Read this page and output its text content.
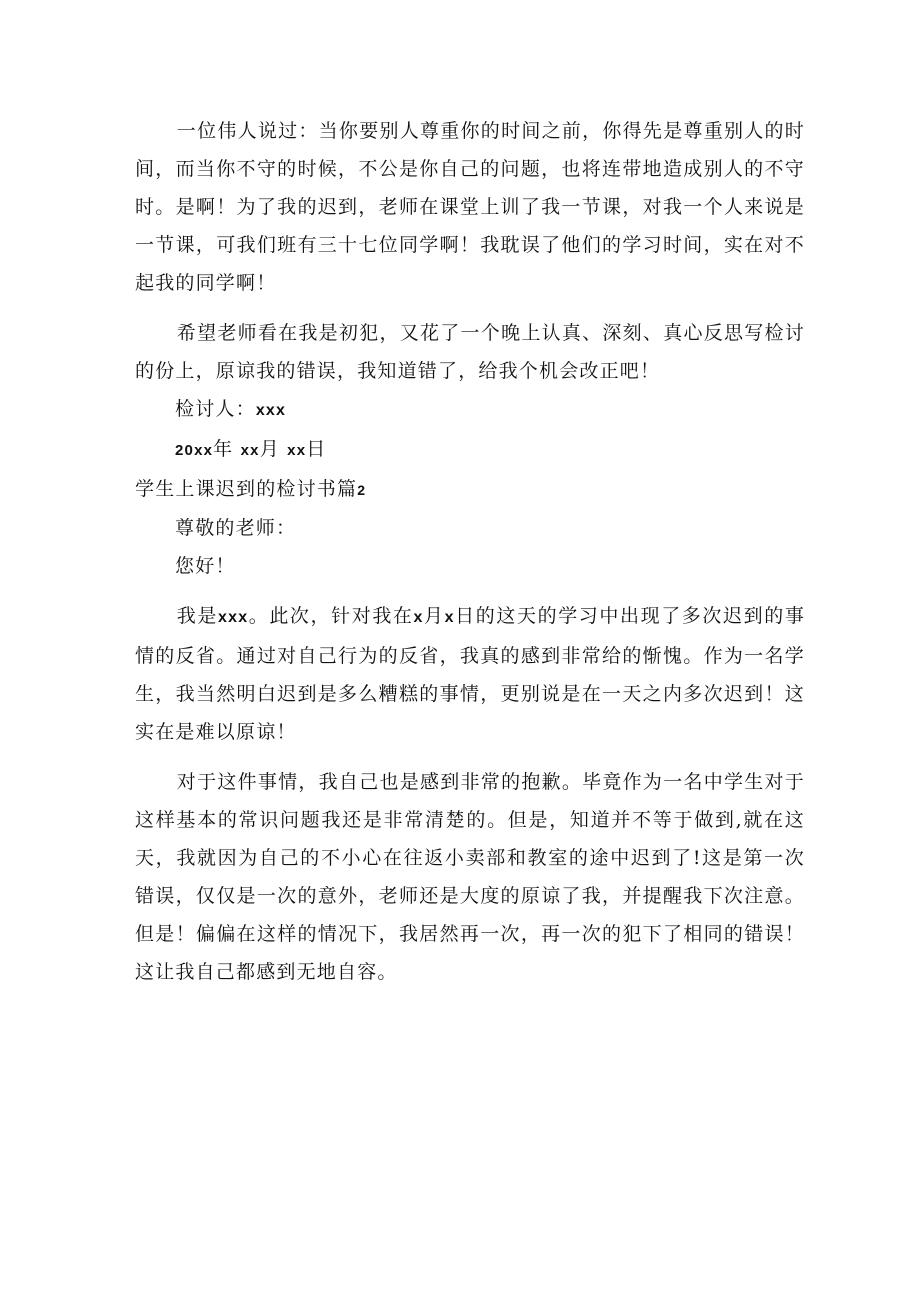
一位伟人说过：当你要别人尊重你的时间之前，你得先是尊重别人的时间，而当你不守的时候，不公是你自己的问题，也将连带地造成别人的不守时。是啊！为了我的迟到，老师在课堂上训了我一节课，对我一个人来说是一节课，可我们班有三十七位同学啊！我耽误了他们的学习时间，实在对不起我的同学啊！

希望老师看在我是初犯，又花了一个晚上认真、深刻、真心反思写检讨的份上，原谅我的错误，我知道错了，给我个机会改正吧！

检讨人：xxx

20xx年 xx月 xx日

学生上课迟到的检讨书篇2

尊敬的老师：

您好！

我是xxx。此次，针对我在x月x日的这天的学习中出现了多次迟到的事情的反省。通过对自己行为的反省，我真的感到非常给的惭愧。作为一名学生，我当然明白迟到是多么糟糕的事情，更别说是在一天之内多次迟到！这实在是难以原谅！

对于这件事情，我自己也是感到非常的抱歉。毕竟作为一名中学生对于这样基本的常识问题我还是非常清楚的。但是，知道并不等于做到,就在这天，我就因为自己的不小心在往返小卖部和教室的途中迟到了!这是第一次错误，仅仅是一次的意外，老师还是大度的原谅了我，并提醒我下次注意。但是！偏偏在这样的情况下，我居然再一次，再一次的犯下了相同的错误！这让我自己都感到无地自容。
